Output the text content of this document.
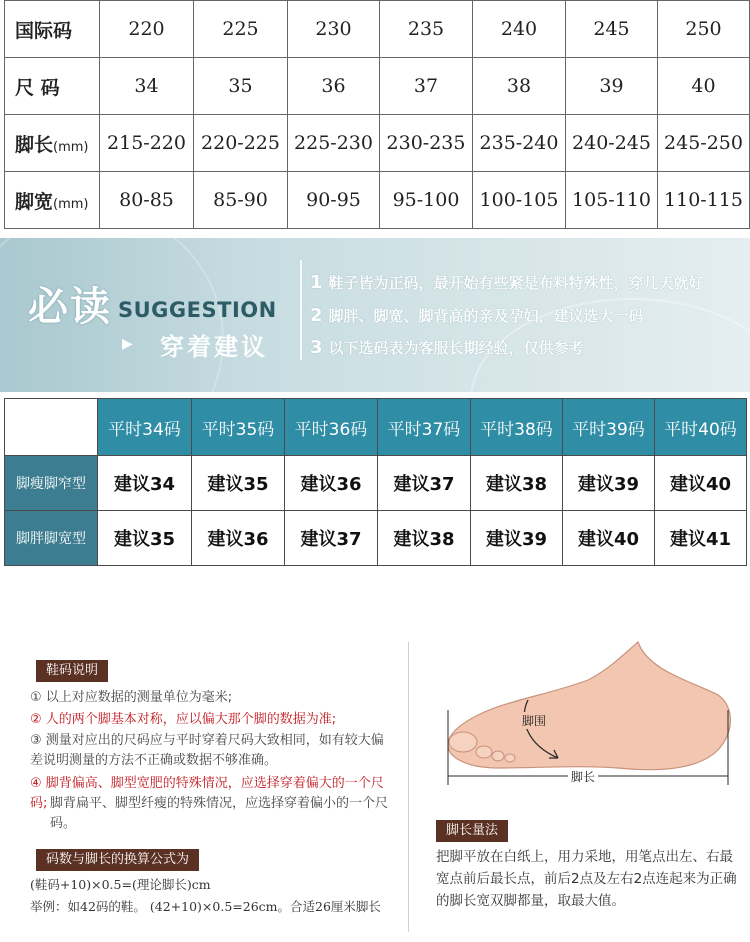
国际码	220	225	230	235	240	245	250
尺 码	34	35	36	37	38	39	40
脚长(mm)	215-220	220-225	225-230	230-235	235-240	240-245	245-250
脚宽(mm)	80-85	85-90	90-95	95-100	100-105	105-110	110-115
必读 SUGGESTION
▶ 穿着建议
1 鞋子皆为正码，最开始有些紧是布料特殊性，穿几天就好
2 脚胖、脚宽、脚背高的亲及孕妇，建议选大一码
3 以下选码表为客服长期经验，仅供参考
	平时34码	平时35码	平时36码	平时37码	平时38码	平时39码	平时40码
脚瘦脚窄型	建议34	建议35	建议36	建议37	建议38	建议39	建议40
脚胖脚宽型	建议35	建议36	建议37	建议38	建议39	建议40	建议41
鞋码说明
① 以上对应数据的测量单位为毫米;
② 人的两个脚基本对称，应以偏大那个脚的数据为准;
③ 测量对应出的尺码应与平时穿着尺码大致相同，如有较大偏差说明测量的方法不正确或数据不够准确。
④ 脚背偏高、脚型宽肥的特殊情况，应选择穿着偏大的一个尺码; 脚背扁平、脚型纤瘦的特殊情况，应选择穿着偏小的一个尺码。
码数与脚长的换算公式为
(鞋码+10)×0.5=(理论脚长)cm
举例：如42码的鞋。 (42+10)×0.5=26cm。合适26厘米脚长
脚围
脚长
脚长量法
把脚平放在白纸上，用力采地，用笔点出左、右最宽点前后最长点，前后2点及左右2点连起来为正确的脚长宽双脚都量，取最大值。
